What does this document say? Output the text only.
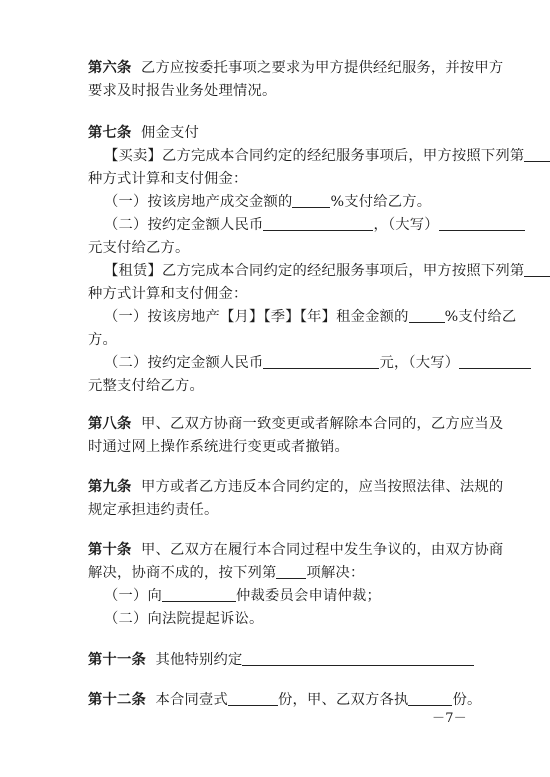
第六条 乙方应按委托事项之要求为甲方提供经纪服务，并按甲方
要求及时报告业务处理情况。
第七条 佣金支付
【买卖】乙方完成本合同约定的经纪服务事项后，甲方按照下列第
种方式计算和支付佣金：
（一）按该房地产成交金额的	%支付给乙方。
（二）按约定金额人民币	，（大写）
元支付给乙方。
【租赁】乙方完成本合同约定的经纪服务事项后，甲方按照下列第
种方式计算和支付佣金：
（一）按该房地产【月】【季】【年】租金金额的	%支付给乙
方。
（二）按约定金额人民币	元，（大写）
元整支付给乙方。
第八条 甲、乙双方协商一致变更或者解除本合同的，乙方应当及
时通过网上操作系统进行变更或者撤销。
第九条 甲方或者乙方违反本合同约定的，应当按照法律、法规的
规定承担违约责任。
第十条 甲、乙双方在履行本合同过程中发生争议的，由双方协商
解决，协商不成的，按下列第 项解决：
（一）向	仲裁委员会申请仲裁；
（二）向法院提起诉讼。
第十一条 其他特别约定
第十二条 本合同壹式	份，甲、乙双方各执	份。
－7－
